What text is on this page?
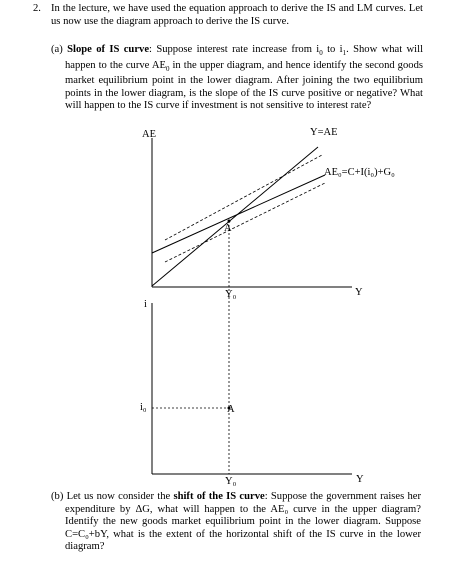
2. In the lecture, we have used the equation approach to derive the IS and LM curves. Let us now use the diagram approach to derive the IS curve.

(a) Slope of IS curve: Suppose interest rate increase from $i_0$ to $i_1$. Show what will happen to the curve $AE_0$ in the upper diagram, and hence identify the second goods market equilibrium point in the lower diagram. After joining the two equilibrium points in the lower diagram, is the slope of the IS curve positive or negative? What will happen to the IS curve if investment is not sensitive to interest rate?

AE	Y=AE
AE₀=C+I(i₀)+G₀
A
Y₀	Y
i
i₀	A
Y₀	Y

(b) Let us now consider the shift of the IS curve: Suppose the government raises her expenditure by ΔG, what will happen to the AE₀ curve in the upper diagram? Identify the new goods market equilibrium point in the lower diagram. Suppose C=C₀+bY, what is the extent of the horizontal shift of the IS curve in the lower diagram?
